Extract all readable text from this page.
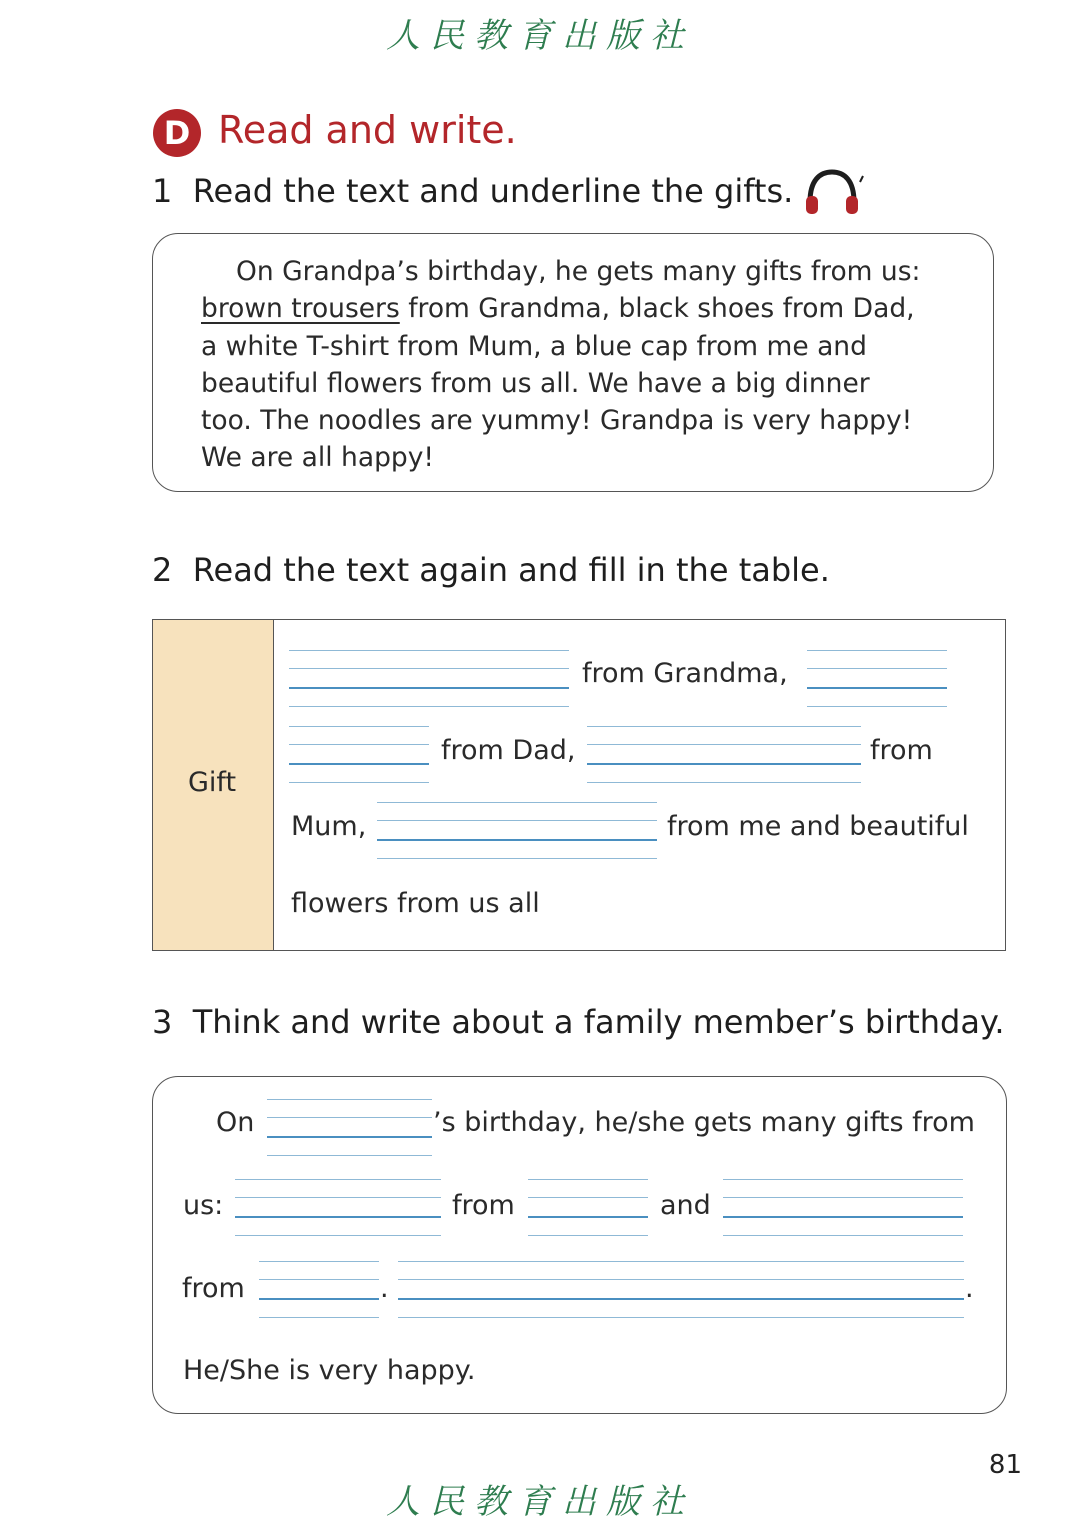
人民教育出版社
D Read and write.
1 Read the text and underline the gifts.
On Grandpa’s birthday, he gets many gifts from us:
brown trousers from Grandma, black shoes from Dad,
a white T-shirt from Mum, a blue cap from me and
beautiful flowers from us all. We have a big dinner
too. The noodles are yummy! Grandpa is very happy!
We are all happy!
2 Read the text again and fill in the table.
Gift
from Grandma,
from Dad,	from
Mum,	from me and beautiful
flowers from us all
3 Think and write about a family member’s birthday.
On	’s birthday, he/she gets many gifts from
us:	from	and
from	.	.
He/She is very happy.
81
人民教育出版社
